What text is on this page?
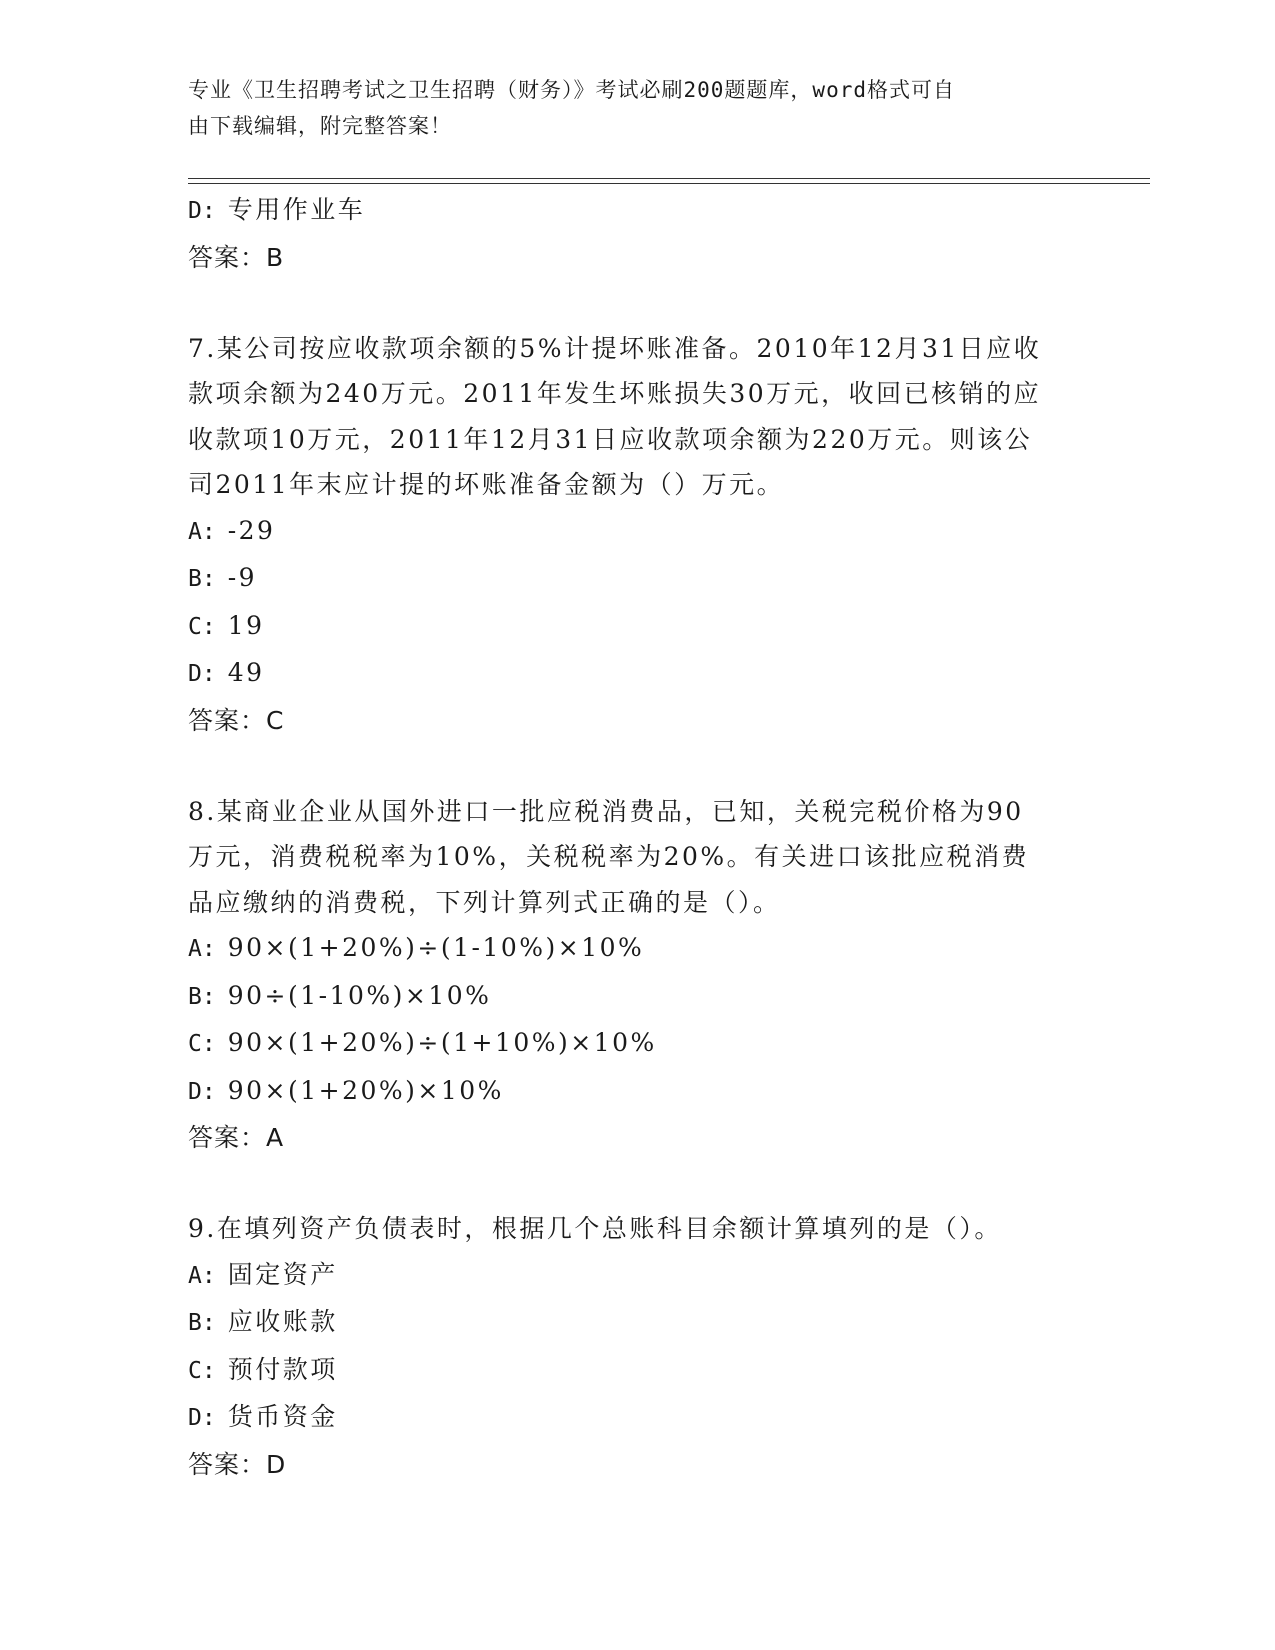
专业《卫生招聘考试之卫生招聘（财务）》考试必刷200题题库，word格式可自
由下载编辑，附完整答案！
D: 专用作业车
答案：B
7.某公司按应收款项余额的5%计提坏账准备。2010年12月31日应收
款项余额为240万元。2011年发生坏账损失30万元，收回已核销的应
收款项10万元，2011年12月31日应收款项余额为220万元。则该公
司2011年末应计提的坏账准备金额为（）万元。
A: -29
B: -9
C: 19
D: 49
答案：C
8.某商业企业从国外进口一批应税消费品，已知，关税完税价格为90
万元，消费税税率为10%，关税税率为20%。有关进口该批应税消费
品应缴纳的消费税，下列计算列式正确的是（）。
A: 90×(1+20%)÷(1-10%)×10%
B: 90÷(1-10%)×10%
C: 90×(1+20%)÷(1+10%)×10%
D: 90×(1+20%)×10%
答案：A
9.在填列资产负债表时，根据几个总账科目余额计算填列的是（）。
A: 固定资产
B: 应收账款
C: 预付款项
D: 货币资金
答案：D
